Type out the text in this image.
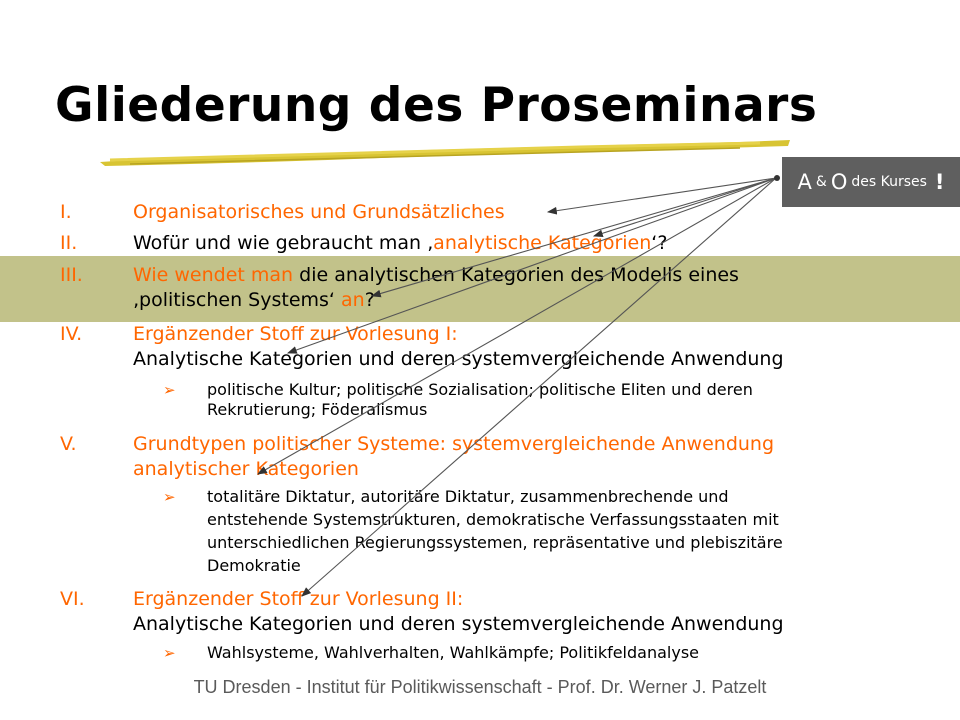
Gliederung des Proseminars
A & O des Kurses !
I.	Organisatorisches und Grundsätzliches
II.	Wofür und wie gebraucht man ‚analytische Kategorien‘?
III.	Wie wendet man die analytischen Kategorien des Modells eines
‚politischen Systems‘ an?
IV.	Ergänzender Stoff zur Vorlesung I:
Analytische Kategorien und deren systemvergleichende Anwendung
➢ politische Kultur; politische Sozialisation; politische Eliten und deren
Rekrutierung; Föderalismus
V.	Grundtypen politischer Systeme: systemvergleichende Anwendung
analytischer Kategorien
➢ totalitäre Diktatur, autoritäre Diktatur, zusammenbrechende und
entstehende Systemstrukturen, demokratische Verfassungsstaaten mit
unterschiedlichen Regierungssystemen, repräsentative und plebiszitäre
Demokratie
VI.	Ergänzender Stoff zur Vorlesung II:
Analytische Kategorien und deren systemvergleichende Anwendung
➢ Wahlsysteme, Wahlverhalten, Wahlkämpfe; Politikfeldanalyse
TU Dresden - Institut für Politikwissenschaft - Prof. Dr. Werner J. Patzelt
